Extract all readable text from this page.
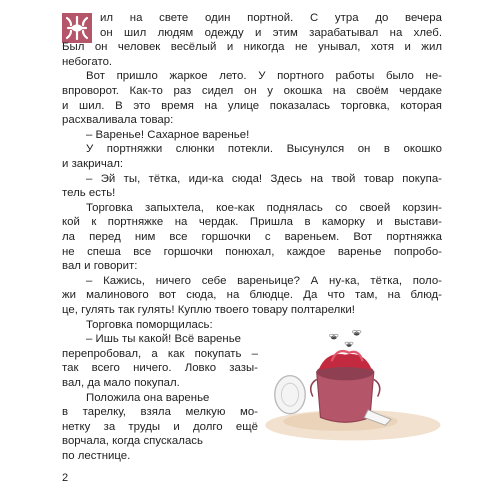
ил на свете один портной. С утра до вечера
он шил людям одежду и этим зарабатывал на хлеб.
Был он человек весёлый и никогда не унывал, хотя и жил
небогато.
Вот пришло жаркое лето. У портного работы было не-
впроворот. Как-то раз сидел он у окошка на своём чердаке
и шил. В это время на улице показалась торговка, которая
расхваливала товар:
– Варенье! Сахарное варенье!
У портняжки слюнки потекли. Высунулся он в окошко
и закричал:
– Эй ты, тётка, иди-ка сюда! Здесь на твой товар покупа-
тель есть!
Торговка запыхтела, кое-как поднялась со своей корзин-
кой к портняжке на чердак. Пришла в каморку и выстави-
ла перед ним все горшочки с вареньем. Вот портняжка
не спеша все горшочки понюхал, каждое варенье попробо-
вал и говорит:
– Кажись, ничего себе вареньице? А ну-ка, тётка, поло-
жи малинового вот сюда, на блюдце. Да что там, на блюд-
це, гулять так гулять! Куплю твоего товару полтарелки!
Торговка поморщилась:
2
– Ишь ты какой! Всё варенье
перепробовал, а как покупать –
так всего ничего. Ловко зазы-
вал, да мало покупал.
Положила она варенье
в тарелку, взяла мелкую мо-
нетку за труды и долго ещё
ворчала, когда спускалась
по лестнице.
